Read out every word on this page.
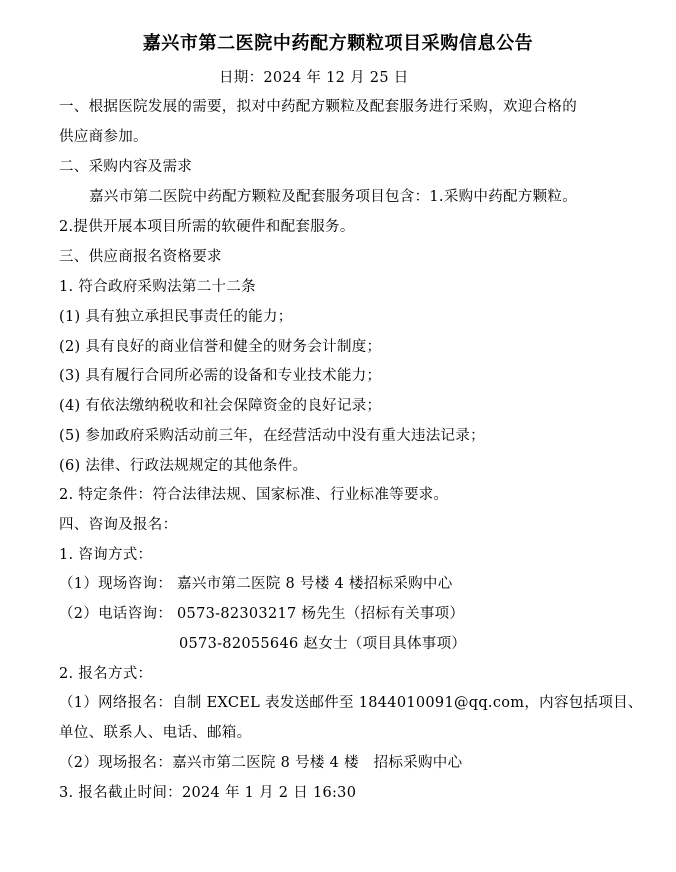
嘉兴市第二医院中药配方颗粒项目采购信息公告
日期：2024 年 12 月 25 日
一、根据医院发展的需要，拟对中药配方颗粒及配套服务进行采购，欢迎合格的
供应商参加。
二、采购内容及需求
嘉兴市第二医院中药配方颗粒及配套服务项目包含：1.采购中药配方颗粒。
2.提供开展本项目所需的软硬件和配套服务。
三、供应商报名资格要求
1. 符合政府采购法第二十二条
(1) 具有独立承担民事责任的能力；
(2) 具有良好的商业信誉和健全的财务会计制度；
(3) 具有履行合同所必需的设备和专业技术能力；
(4) 有依法缴纳税收和社会保障资金的良好记录；
(5) 参加政府采购活动前三年，在经营活动中没有重大违法记录；
(6) 法律、行政法规规定的其他条件。
2. 特定条件：符合法律法规、国家标准、行业标准等要求。
四、咨询及报名：
1. 咨询方式：
（1）现场咨询： 嘉兴市第二医院 8 号楼 4 楼招标采购中心
（2）电话咨询： 0573-82303217 杨先生（招标有关事项）
0573-82055646 赵女士（项目具体事项）
2. 报名方式：
（1）网络报名：自制 EXCEL 表发送邮件至 1844010091@qq.com，内容包括项目、
单位、联系人、电话、邮箱。
（2）现场报名：嘉兴市第二医院 8 号楼 4 楼　招标采购中心
3. 报名截止时间：2024 年 1 月 2 日 16:30
